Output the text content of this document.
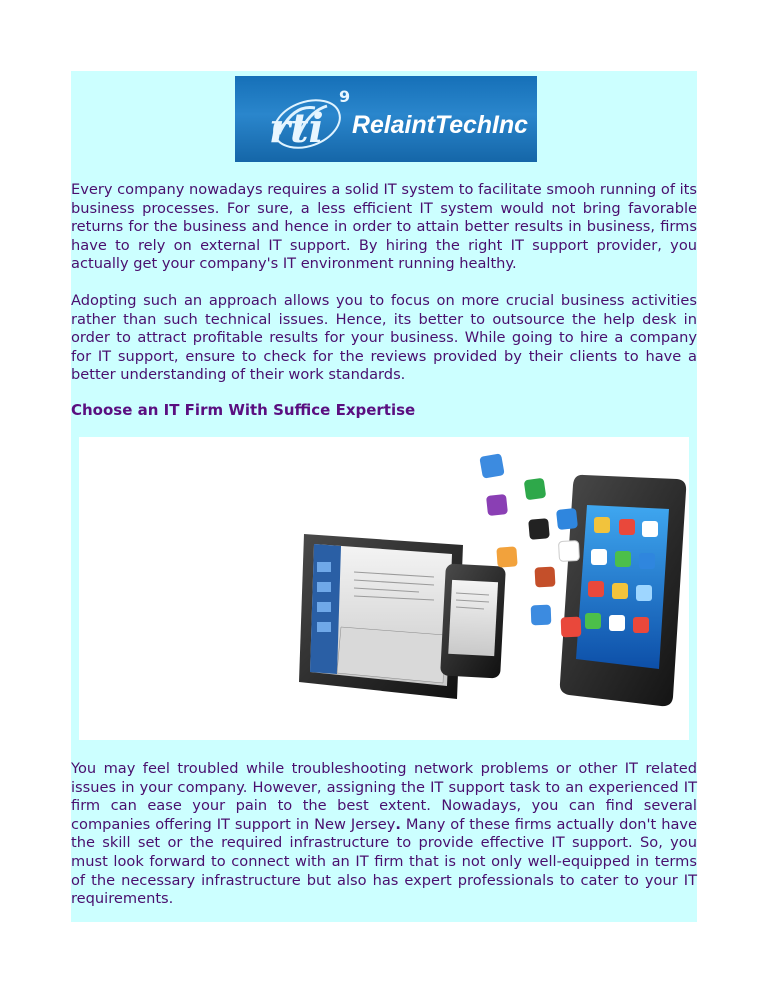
rti
9
RelaintTechInc

Every company nowadays requires a solid IT system to facilitate smooh running of its business processes. For sure, a less efficient IT system would not bring favorable returns for the business and hence in order to attain better results in business, firms have to rely on external IT support. By hiring the right IT support provider, you actually get your company's IT environment running healthy.

Adopting such an approach allows you to focus on more crucial business activities rather than such technical issues. Hence, its better to outsource the help desk in order to attract profitable results for your business. While going to hire a company for IT support, ensure to check for the reviews provided by their clients to have a better understanding of their work standards.

Choose an IT Firm With Suffice Expertise

You may feel troubled while troubleshooting network problems or other IT related issues in your company. However, assigning the IT support task to an experienced IT firm can ease your pain to the best extent. Nowadays, you can find several companies offering IT support in New Jersey. Many of these firms actually don't have the skill set or the required infrastructure to provide effective IT support. So, you must look forward to connect with an IT firm that is not only well-equipped in terms of the necessary infrastructure but also has expert professionals to cater to your IT requirements.
